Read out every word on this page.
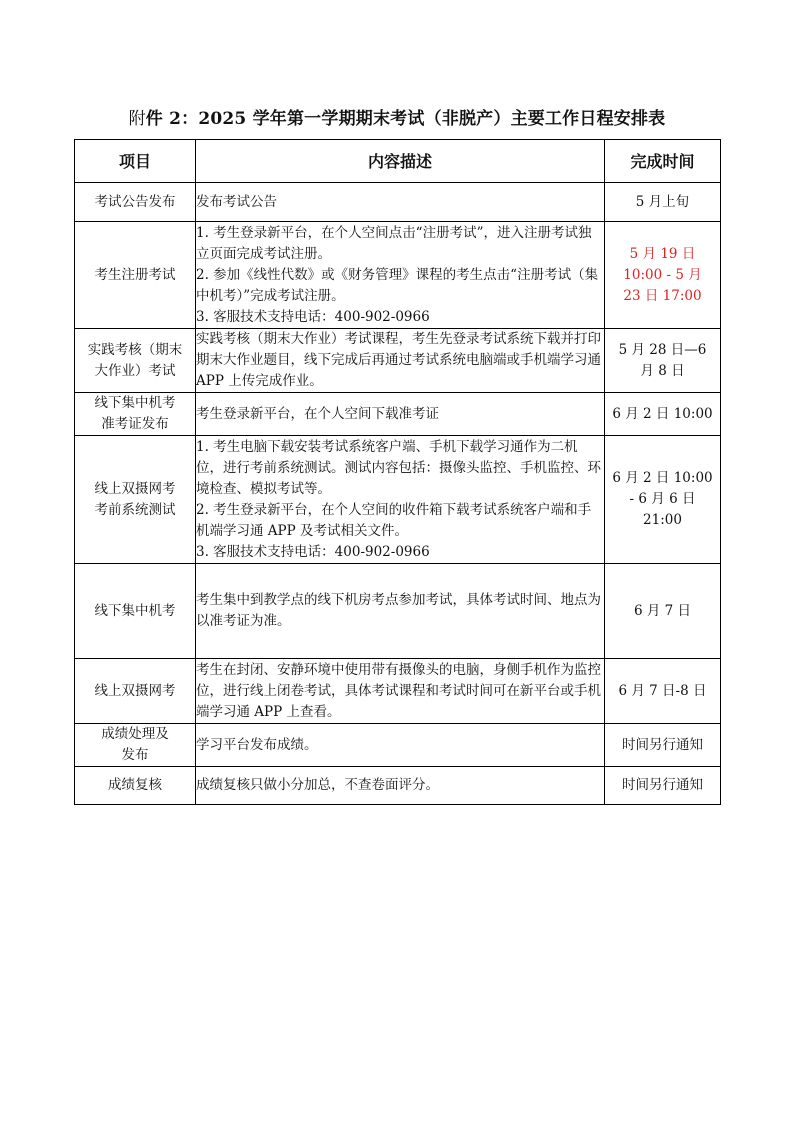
附件 2：2025 学年第一学期期末考试（非脱产）主要工作日程安排表
项目	内容描述	完成时间

考试公告发布	发布考试公告	5 月上旬

考生注册考试	1. 考生登录新平台，在个人空间点击“注册考试”，进入注册考试独立页面完成考试注册。
2. 参加《线性代数》或《财务管理》课程的考生点击“注册考试（集中机考）”完成考试注册。
3. 客服技术支持电话：400-902-0966	5 月 19 日
10:00 - 5 月
23 日 17:00

实践考核（期末
大作业）考试	实践考核（期末大作业）考试课程，考生先登录考试系统下载并打印期末大作业题目，线下完成后再通过考试系统电脑端或手机端学习通 APP 上传完成作业。	5 月 28 日—6
月 8 日

线下集中机考
准考证发布	考生登录新平台，在个人空间下载准考证	6 月 2 日 10:00

线上双摄网考
考前系统测试	1. 考生电脑下载安装考试系统客户端、手机下载学习通作为二机位，进行考前系统测试。测试内容包括：摄像头监控、手机监控、环境检查、模拟考试等。
2. 考生登录新平台，在个人空间的收件箱下载考试系统客户端和手机端学习通 APP 及考试相关文件。
3. 客服技术支持电话：400-902-0966	6 月 2 日 10:00
- 6 月 6 日
21:00

线下集中机考	考生集中到教学点的线下机房考点参加考试，具体考试时间、地点为以准考证为准。	6 月 7 日

线上双摄网考	考生在封闭、安静环境中使用带有摄像头的电脑，身侧手机作为监控位，进行线上闭卷考试，具体考试课程和考试时间可在新平台或手机端学习通 APP 上查看。	6 月 7 日-8 日

成绩处理及
发布	学习平台发布成绩。	时间另行通知

成绩复核	成绩复核只做小分加总，不查卷面评分。	时间另行通知
